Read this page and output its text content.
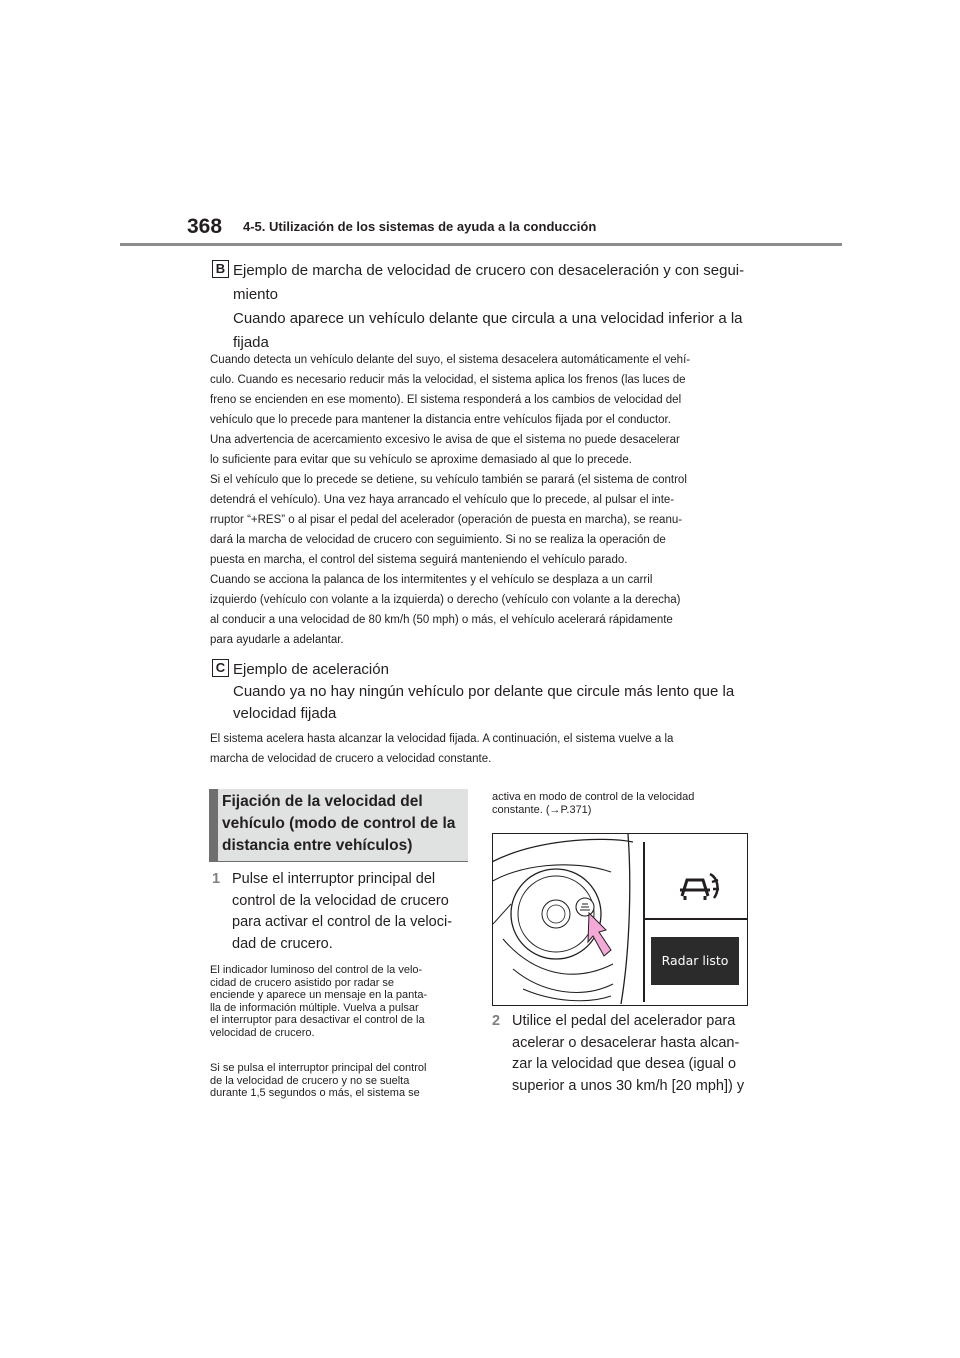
368 4-5. Utilización de los sistemas de ayuda a la conducción
B Ejemplo de marcha de velocidad de crucero con desaceleración y con segui-
miento
Cuando aparece un vehículo delante que circula a una velocidad inferior a la
fijada
Cuando detecta un vehículo delante del suyo, el sistema desacelera automáticamente el vehí-
culo. Cuando es necesario reducir más la velocidad, el sistema aplica los frenos (las luces de
freno se encienden en ese momento). El sistema responderá a los cambios de velocidad del
vehículo que lo precede para mantener la distancia entre vehículos fijada por el conductor.
Una advertencia de acercamiento excesivo le avisa de que el sistema no puede desacelerar
lo suficiente para evitar que su vehículo se aproxime demasiado al que lo precede.
Si el vehículo que lo precede se detiene, su vehículo también se parará (el sistema de control
detendrá el vehículo). Una vez haya arrancado el vehículo que lo precede, al pulsar el inte-
rruptor “+RES” o al pisar el pedal del acelerador (operación de puesta en marcha), se reanu-
dará la marcha de velocidad de crucero con seguimiento. Si no se realiza la operación de
puesta en marcha, el control del sistema seguirá manteniendo el vehículo parado.
Cuando se acciona la palanca de los intermitentes y el vehículo se desplaza a un carril
izquierdo (vehículo con volante a la izquierda) o derecho (vehículo con volante a la derecha)
al conducir a una velocidad de 80 km/h (50 mph) o más, el vehículo acelerará rápidamente
para ayudarle a adelantar.
C Ejemplo de aceleración
Cuando ya no hay ningún vehículo por delante que circule más lento que la
velocidad fijada
El sistema acelera hasta alcanzar la velocidad fijada. A continuación, el sistema vuelve a la
marcha de velocidad de crucero a velocidad constante.
Fijación de la velocidad del
vehículo (modo de control de la
distancia entre vehículos)
1 Pulse el interruptor principal del
control de la velocidad de crucero
para activar el control de la veloci-
dad de crucero.
El indicador luminoso del control de la velo-
cidad de crucero asistido por radar se
enciende y aparece un mensaje en la panta-
lla de información múltiple. Vuelva a pulsar
el interruptor para desactivar el control de la
velocidad de crucero.
Si se pulsa el interruptor principal del control
de la velocidad de crucero y no se suelta
durante 1,5 segundos o más, el sistema se
activa en modo de control de la velocidad
constante. (→P.371)
Radar listo
2 Utilice el pedal del acelerador para
acelerar o desacelerar hasta alcan-
zar la velocidad que desea (igual o
superior a unos 30 km/h [20 mph]) y
